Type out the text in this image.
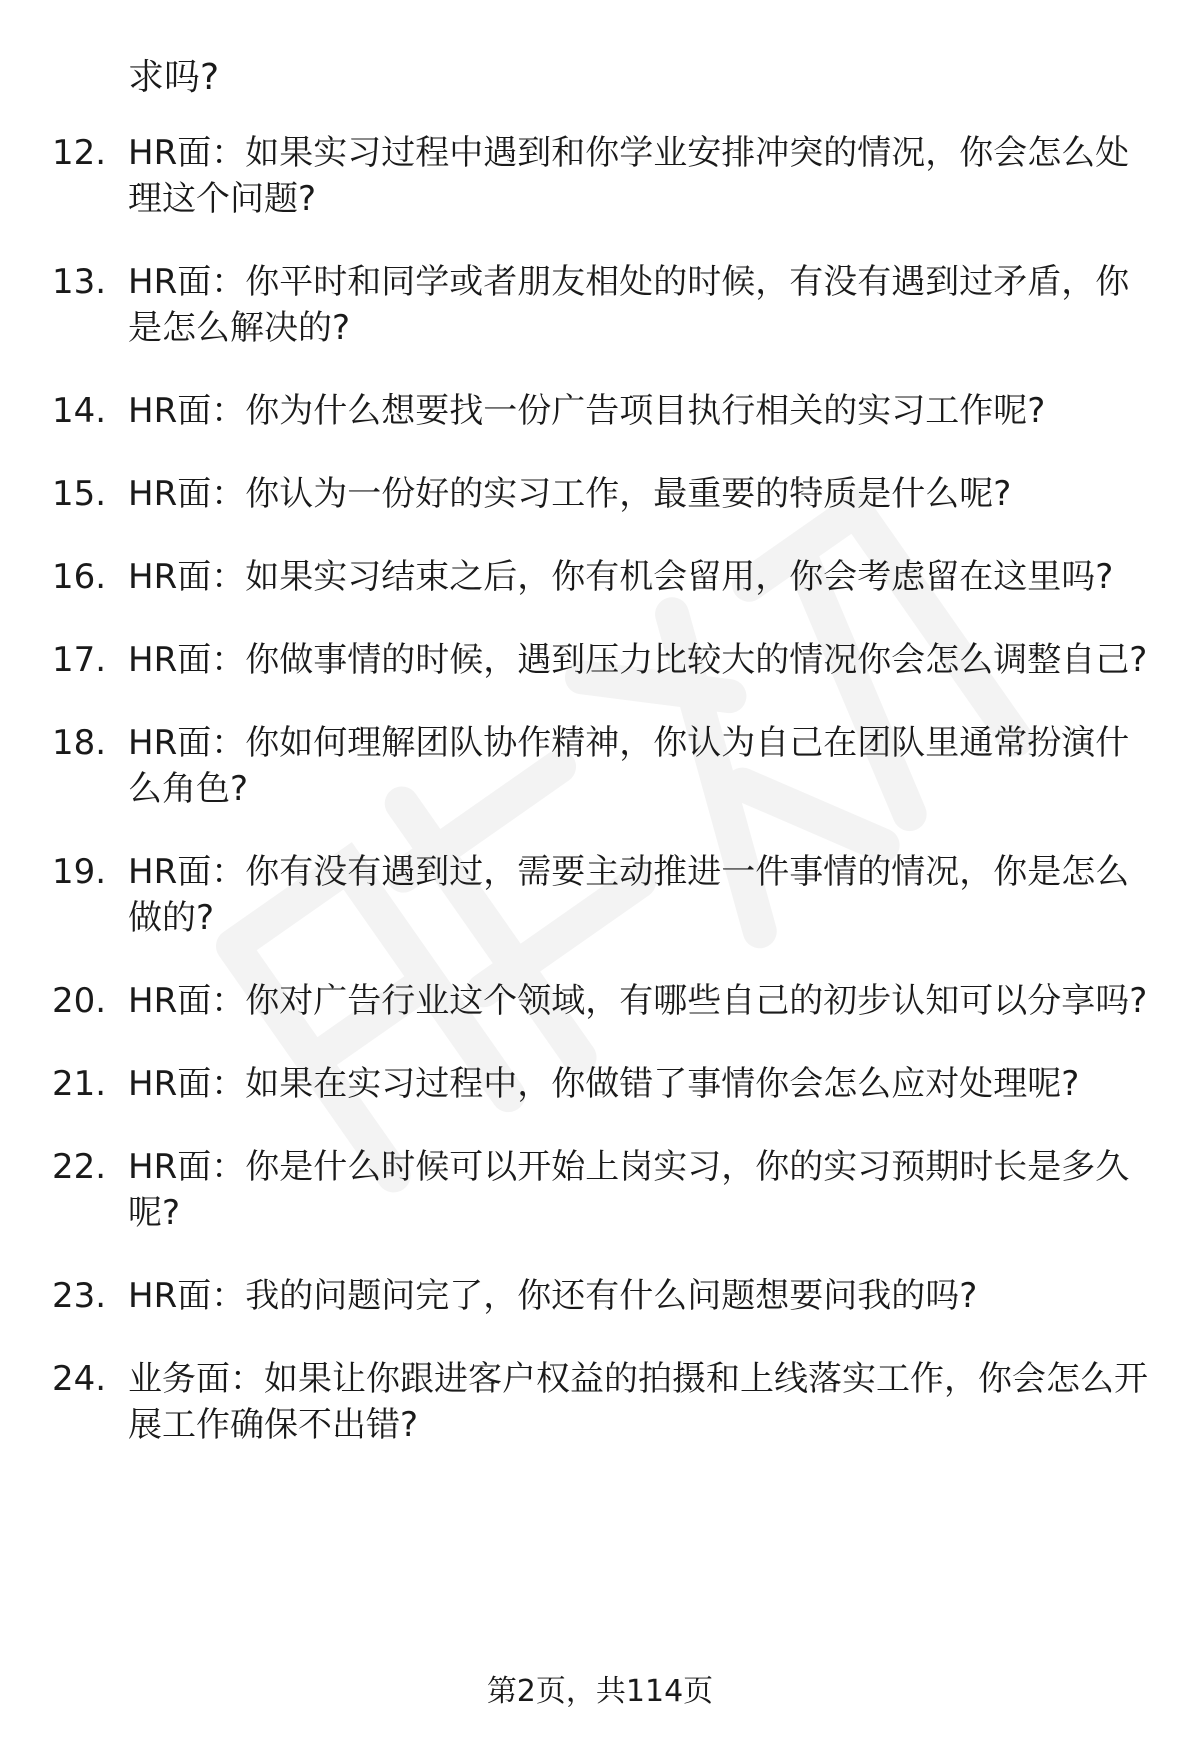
求吗?

12. HR面：如果实习过程中遇到和你学业安排冲突的情况，你会怎么处理这个问题?
13. HR面：你平时和同学或者朋友相处的时候，有没有遇到过矛盾，你是怎么解决的?
14. HR面：你为什么想要找一份广告项目执行相关的实习工作呢?
15. HR面：你认为一份好的实习工作，最重要的特质是什么呢?
16. HR面：如果实习结束之后，你有机会留用，你会考虑留在这里吗?
17. HR面：你做事情的时候，遇到压力比较大的情况你会怎么调整自己?
18. HR面：你如何理解团队协作精神，你认为自己在团队里通常扮演什么角色?
19. HR面：你有没有遇到过，需要主动推进一件事情的情况，你是怎么做的?
20. HR面：你对广告行业这个领域，有哪些自己的初步认知可以分享吗?
21. HR面：如果在实习过程中，你做错了事情你会怎么应对处理呢?
22. HR面：你是什么时候可以开始上岗实习，你的实习预期时长是多久呢?
23. HR面：我的问题问完了，你还有什么问题想要问我的吗?
24. 业务面：如果让你跟进客户权益的拍摄和上线落实工作，你会怎么开展工作确保不出错?
第2页，共114页
